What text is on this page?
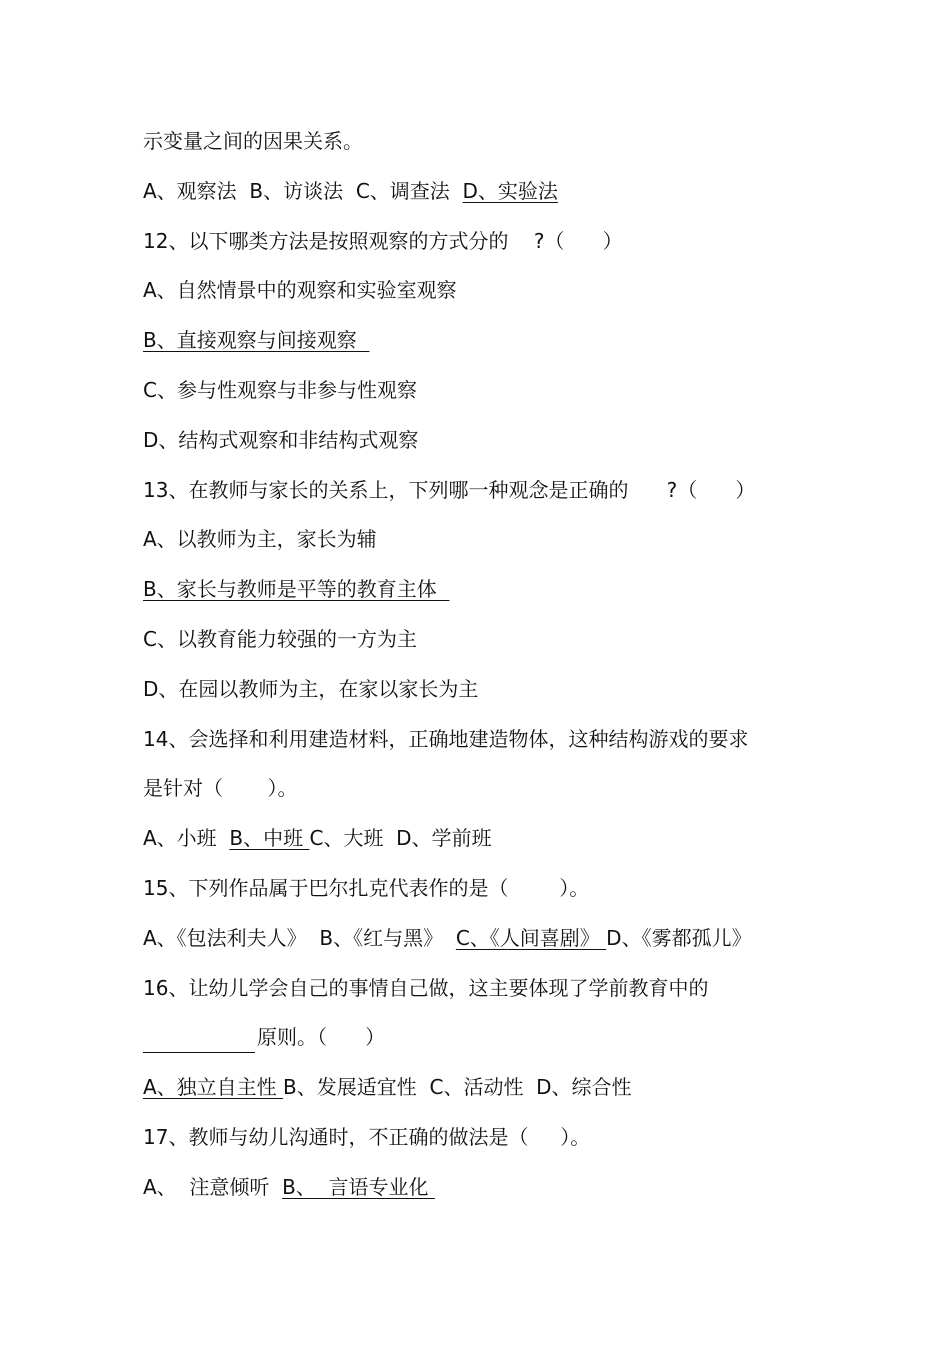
示变量之间的因果关系。
A、观察法  B、访谈法  C、调查法  D、实验法
12、以下哪类方法是按照观察的方式分的    ?（      ）
A、自然情景中的观察和实验室观察
B、直接观察与间接观察
C、参与性观察与非参与性观察
D、结构式观察和非结构式观察
13、在教师与家长的关系上，下列哪一种观念是正确的      ?（      ）
A、以教师为主，家长为辅
B、家长与教师是平等的教育主体
C、以教育能力较强的一方为主
D、在园以教师为主，在家以家长为主
14、会选择和利用建造材料，正确地建造物体，这种结构游戏的要求
是针对（       ）。
A、小班  B、中班 C、大班  D、学前班
15、下列作品属于巴尔扎克代表作的是（        ）。
A、《包法利夫人》  B、《红与黑》  C、《人间喜剧》 D、《雾都孤儿》
16、让幼儿学会自己的事情自己做，这主要体现了学前教育中的
原则。（      ）
A、独立自主性 B、发展适宜性  C、活动性  D、综合性
17、教师与幼儿沟通时，不正确的做法是（     ）。
A、  注意倾听  B、  言语专业化
